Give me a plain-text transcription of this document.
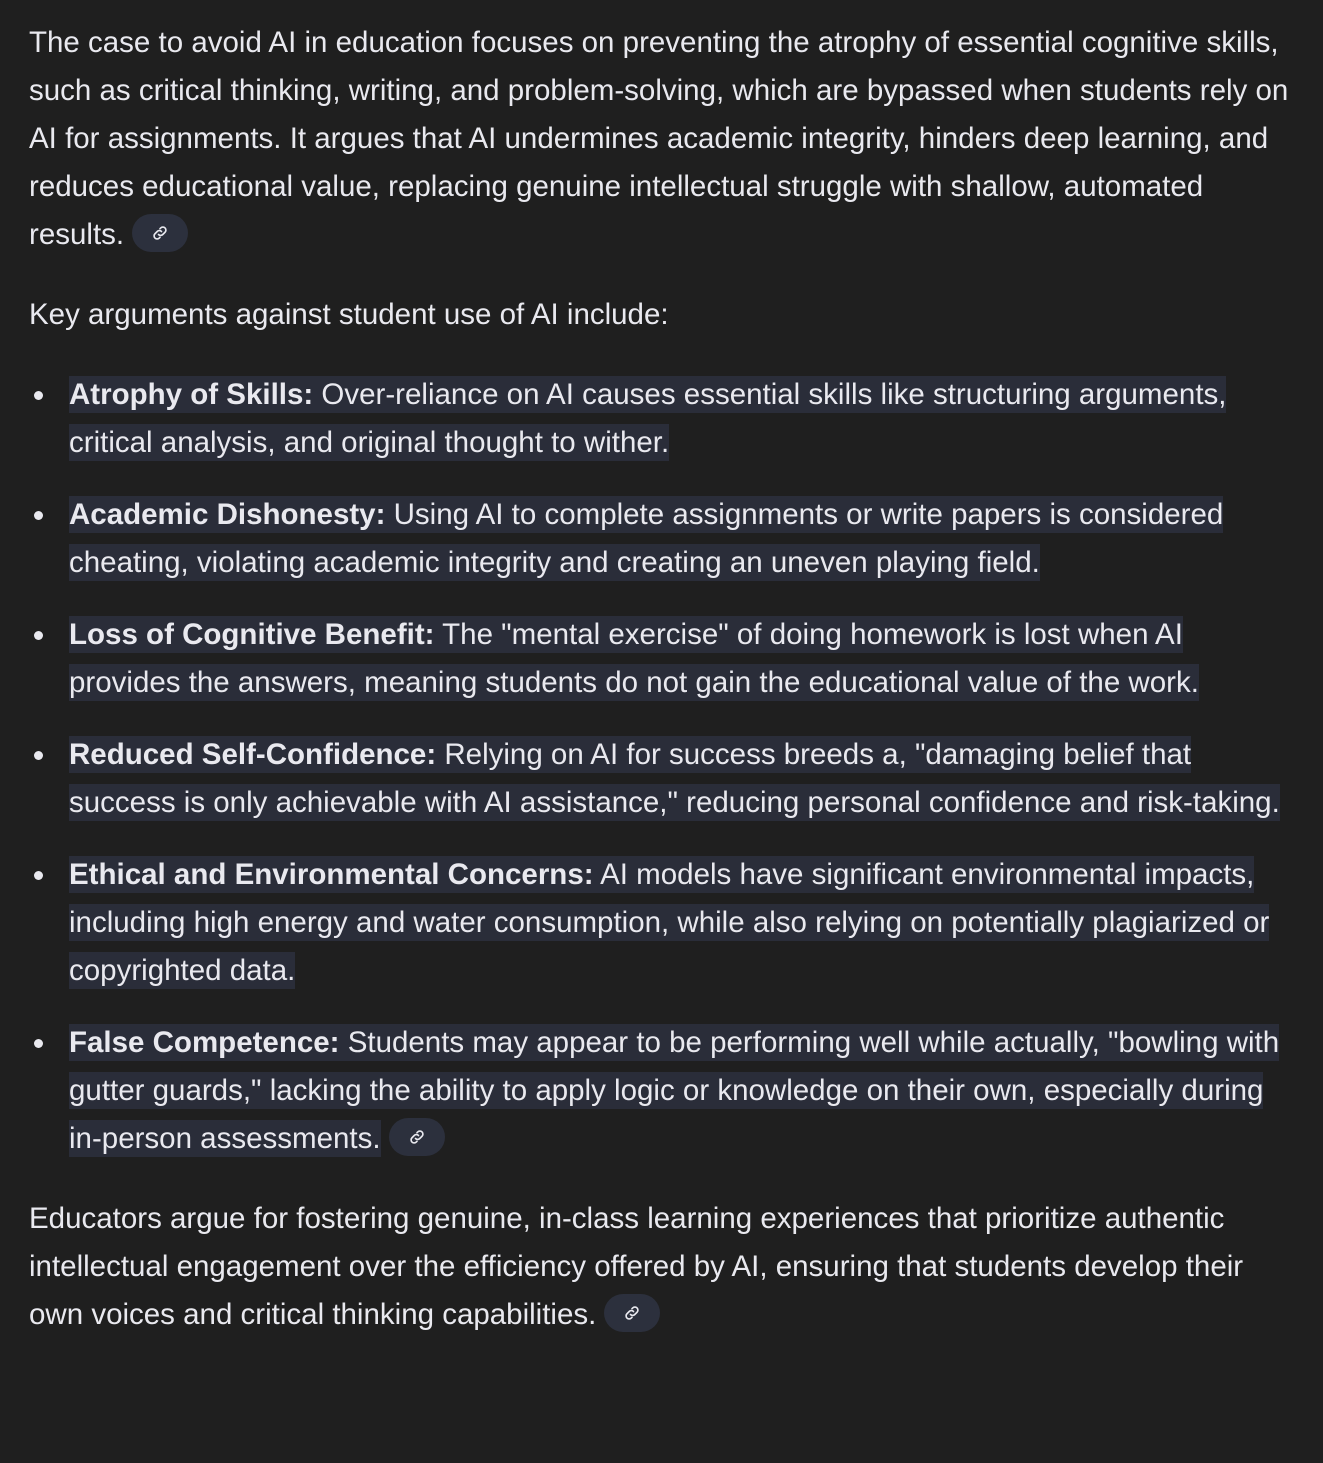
The case to avoid AI in education focuses on preventing the atrophy of essential cognitive skills, such as critical thinking, writing, and problem-solving, which are bypassed when students rely on AI for assignments. It argues that AI undermines academic integrity, hinders deep learning, and reduces educational value, replacing genuine intellectual struggle with shallow, automated results.

Key arguments against student use of AI include:

Atrophy of Skills: Over-reliance on AI causes essential skills like structuring arguments, critical analysis, and original thought to wither.
Academic Dishonesty: Using AI to complete assignments or write papers is considered cheating, violating academic integrity and creating an uneven playing field.
Loss of Cognitive Benefit: The "mental exercise" of doing homework is lost when AI provides the answers, meaning students do not gain the educational value of the work.
Reduced Self-Confidence: Relying on AI for success breeds a, "damaging belief that success is only achievable with AI assistance," reducing personal confidence and risk-taking.
Ethical and Environmental Concerns: AI models have significant environmental impacts, including high energy and water consumption, while also relying on potentially plagiarized or copyrighted data.
False Competence: Students may appear to be performing well while actually, "bowling with gutter guards," lacking the ability to apply logic or knowledge on their own, especially during in-person assessments.

Educators argue for fostering genuine, in-class learning experiences that prioritize authentic intellectual engagement over the efficiency offered by AI, ensuring that students develop their own voices and critical thinking capabilities.
